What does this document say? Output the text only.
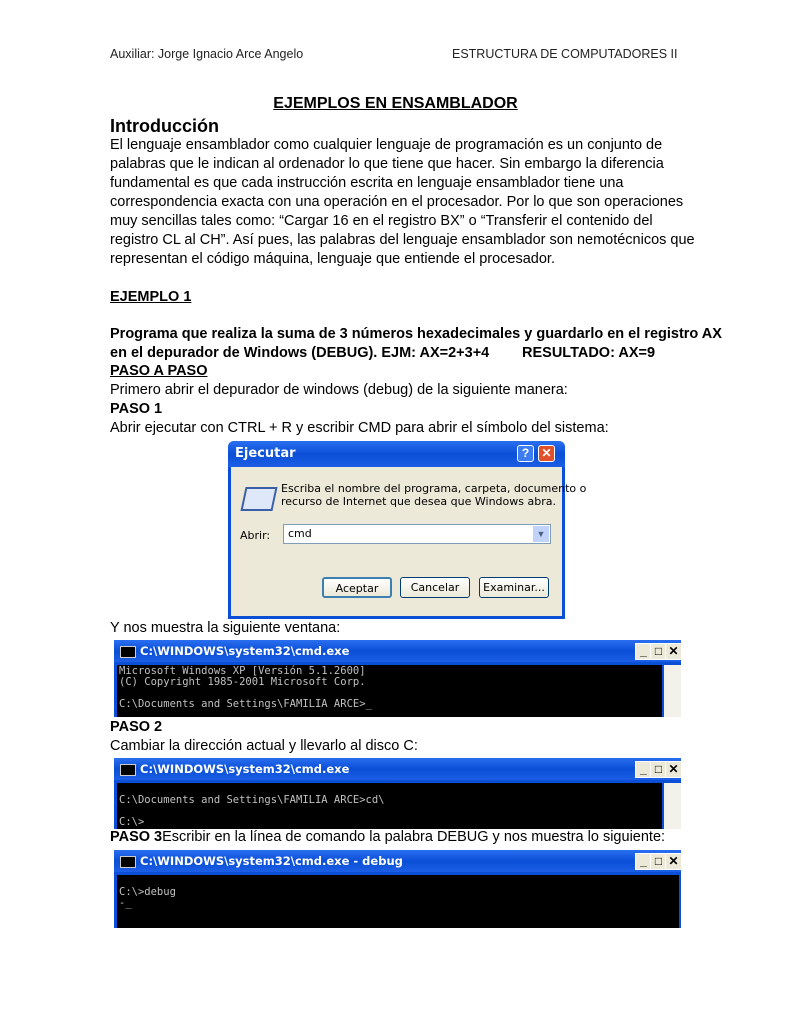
Auxiliar: Jorge Ignacio Arce Angelo	ESTRUCTURA DE COMPUTADORES II
EJEMPLOS EN ENSAMBLADOR
Introducción
El lenguaje ensamblador como cualquier lenguaje de programación es un conjunto de
palabras que le indican al ordenador lo que tiene que hacer. Sin embargo la diferencia
fundamental es que cada instrucción escrita en lenguaje ensamblador tiene una
correspondencia exacta con una operación en el procesador. Por lo que son operaciones
muy sencillas tales como: “Cargar 16 en el registro BX” o “Transferir el contenido del
registro CL al CH”. Así pues, las palabras del lenguaje ensamblador son nemotécnicos que
representan el código máquina, lenguaje que entiende el procesador.
EJEMPLO 1
Programa que realiza la suma de 3 números hexadecimales y guardarlo en el registro AX
en el depurador de Windows (DEBUG). EJM: AX=2+3+4 RESULTADO: AX=9
PASO A PASO
Primero abrir el depurador de windows (debug) de la siguiente manera:
PASO 1
Abrir ejecutar con CTRL + R y escribir CMD para abrir el símbolo del sistema:
Ejecutar	?	✕
Escriba el nombre del programa, carpeta, documento o
recurso de Internet que desea que Windows abra.
Abrir: cmd	▼
Aceptar	Cancelar	Examinar...
Y nos muestra la siguiente ventana:
C:\WINDOWS\system32\cmd.exe	_ □ ✕
Microsoft Windows XP [Versión 5.1.2600]
(C) Copyright 1985-2001 Microsoft Corp.

C:\Documents and Settings\FAMILIA ARCE>_
PASO 2
Cambiar la dirección actual y llevarlo al disco C:
C:\WINDOWS\system32\cmd.exe	_ □ ✕

C:\Documents and Settings\FAMILIA ARCE>cd\

C:\>
PASO 3Escribir en la línea de comando la palabra DEBUG y nos muestra lo siguiente:
C:\WINDOWS\system32\cmd.exe - debug	_ □ ✕

C:\>debug
-_
